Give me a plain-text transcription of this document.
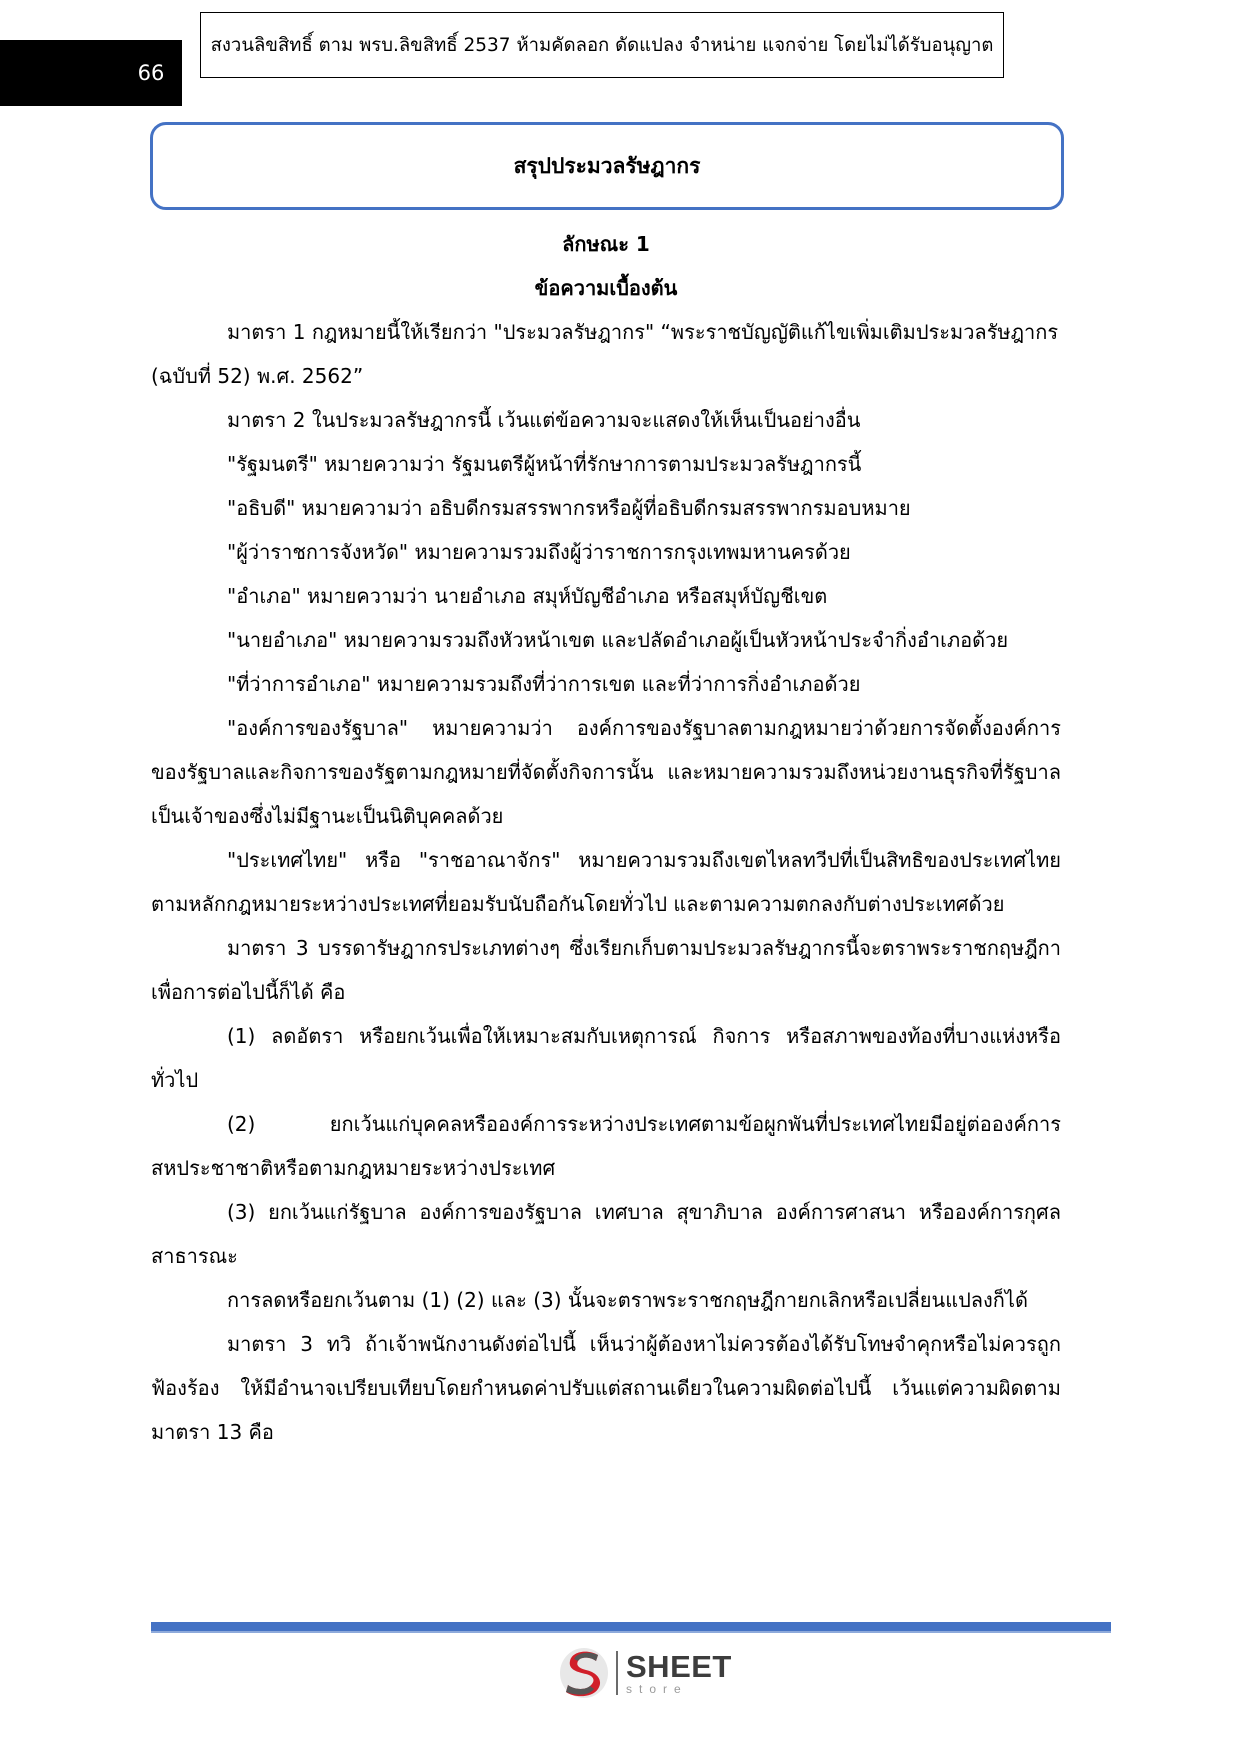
66
สงวนลิขสิทธิ์ ตาม พรบ.ลิขสิทธิ์ 2537 ห้ามคัดลอก ดัดแปลง จำหน่าย แจกจ่าย โดยไม่ได้รับอนุญาต
สรุปประมวลรัษฎากร
ลักษณะ 1
ข้อความเบื้องต้น

มาตรา 1 กฎหมายนี้ให้เรียกว่า "ประมวลรัษฎากร" “พระราชบัญญัติแก้ไขเพิ่มเติมประมวลรัษฎากร

(ฉบับที่ 52) พ.ศ. 2562”

มาตรา 2 ในประมวลรัษฎากรนี้ เว้นแต่ข้อความจะแสดงให้เห็นเป็นอย่างอื่น

"รัฐมนตรี" หมายความว่า รัฐมนตรีผู้หน้าที่รักษาการตามประมวลรัษฎากรนี้

"อธิบดี" หมายความว่า อธิบดีกรมสรรพากรหรือผู้ที่อธิบดีกรมสรรพากรมอบหมาย

"ผู้ว่าราชการจังหวัด" หมายความรวมถึงผู้ว่าราชการกรุงเทพมหานครด้วย

"อำเภอ" หมายความว่า นายอำเภอ สมุห์บัญชีอำเภอ หรือสมุห์บัญชีเขต

"นายอำเภอ" หมายความรวมถึงหัวหน้าเขต และปลัดอำเภอผู้เป็นหัวหน้าประจำกิ่งอำเภอด้วย

"ที่ว่าการอำเภอ" หมายความรวมถึงที่ว่าการเขต และที่ว่าการกิ่งอำเภอด้วย

"องค์การของรัฐบาล" หมายความว่า องค์การของรัฐบาลตามกฎหมายว่าด้วยการจัดตั้งองค์การของรัฐบาลและกิจการของรัฐตามกฎหมายที่จัดตั้งกิจการนั้น และหมายความรวมถึงหน่วยงานธุรกิจที่รัฐบาลเป็นเจ้าของซึ่งไม่มีฐานะเป็นนิติบุคคลด้วย

"ประเทศไทย" หรือ "ราชอาณาจักร" หมายความรวมถึงเขตไหลทวีปที่เป็นสิทธิของประเทศไทยตามหลักกฎหมายระหว่างประเทศที่ยอมรับนับถือกันโดยทั่วไป และตามความตกลงกับต่างประเทศด้วย

มาตรา 3 บรรดารัษฎากรประเภทต่างๆ ซึ่งเรียกเก็บตามประมวลรัษฎากรนี้จะตราพระราชกฤษฎีกาเพื่อการต่อไปนี้ก็ได้ คือ

(1) ลดอัตรา หรือยกเว้นเพื่อให้เหมาะสมกับเหตุการณ์ กิจการ หรือสภาพของท้องที่บางแห่งหรือทั่วไป

(2) ยกเว้นแก่บุคคลหรือองค์การระหว่างประเทศตามข้อผูกพันที่ประเทศไทยมีอยู่ต่อองค์การสหประชาชาติหรือตามกฎหมายระหว่างประเทศ

(3) ยกเว้นแก่รัฐบาล องค์การของรัฐบาล เทศบาล สุขาภิบาล องค์การศาสนา หรือองค์การกุศลสาธารณะ

การลดหรือยกเว้นตาม (1) (2) และ (3) นั้นจะตราพระราชกฤษฎีกายกเลิกหรือเปลี่ยนแปลงก็ได้

มาตรา 3 ทวิ ถ้าเจ้าพนักงานดังต่อไปนี้ เห็นว่าผู้ต้องหาไม่ควรต้องได้รับโทษจำคุกหรือไม่ควรถูกฟ้องร้อง ให้มีอำนาจเปรียบเทียบโดยกำหนดค่าปรับแต่สถานเดียวในความผิดต่อไปนี้ เว้นแต่ความผิดตามมาตรา 13 คือ

SHEET
store
